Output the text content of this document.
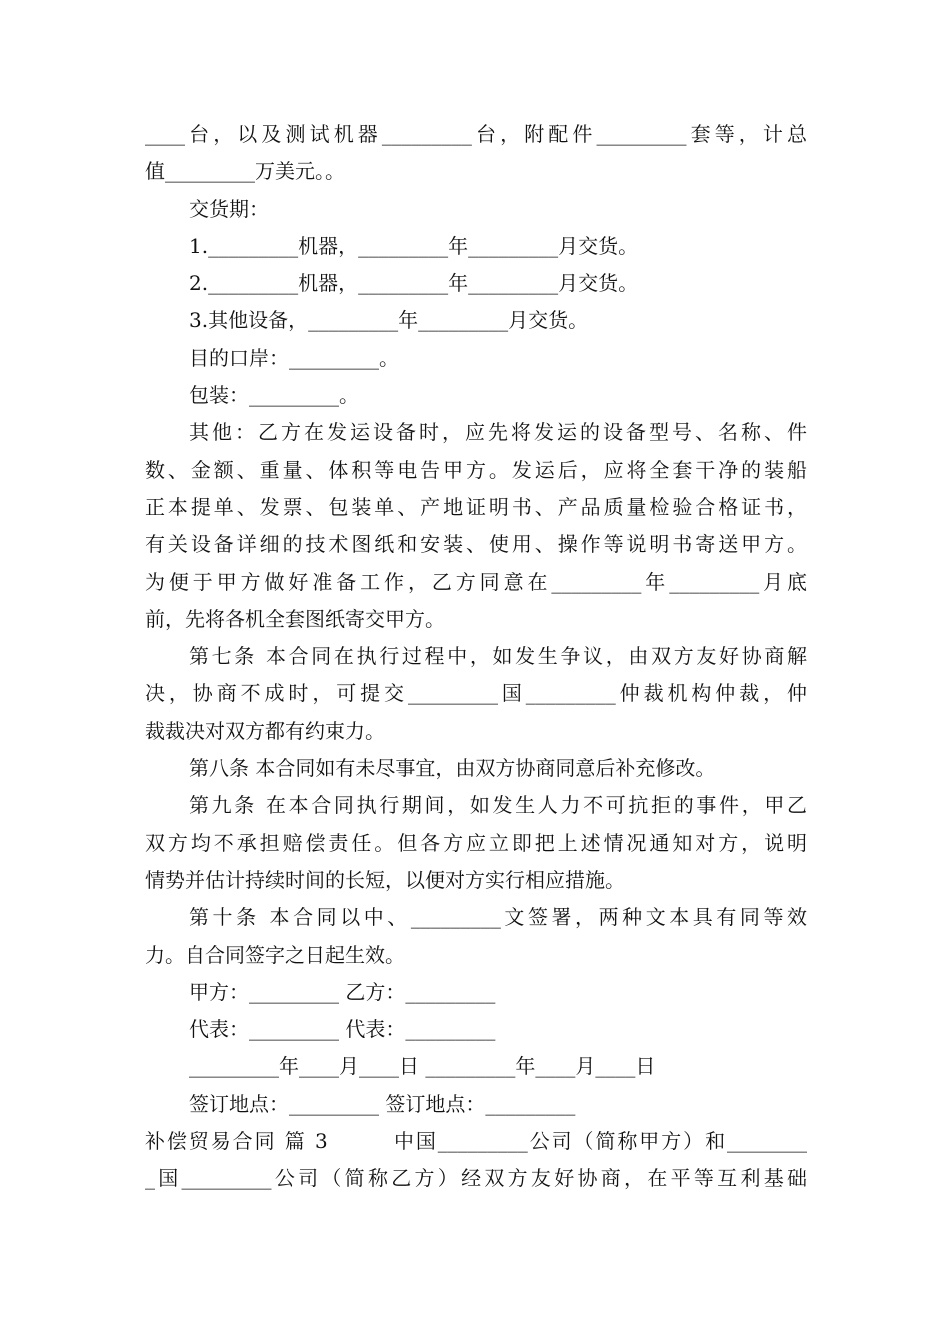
____台，以及测试机器_________台，附配件_________套等，计总
值_________万美元。。
交货期：
1._________机器，_________年_________月交货。
2._________机器，_________年_________月交货。
3.其他设备，_________年_________月交货。
目的口岸：_________。
包装：_________。
其他：乙方在发运设备时，应先将发运的设备型号、名称、件
数、金额、重量、体积等电告甲方。发运后，应将全套干净的装船
正本提单、发票、包装单、产地证明书、产品质量检验合格证书，
有关设备详细的技术图纸和安装、使用、操作等说明书寄送甲方。
为便于甲方做好准备工作，乙方同意在_________年_________月底
前，先将各机全套图纸寄交甲方。
第七条 本合同在执行过程中，如发生争议，由双方友好协商解
决，协商不成时，可提交_________国_________仲裁机构仲裁，仲
裁裁决对双方都有约束力。
第八条 本合同如有未尽事宜，由双方协商同意后补充修改。
第九条 在本合同执行期间，如发生人力不可抗拒的事件，甲乙
双方均不承担赔偿责任。但各方应立即把上述情况通知对方，说明
情势并估计持续时间的长短，以便对方实行相应措施。
第十条 本合同以中、_________文签署，两种文本具有同等效
力。自合同签字之日起生效。
甲方：_________ 乙方：_________
代表：_________ 代表：_________
_________年____月____日 _________年____月____日
签订地点：_________ 签订地点：_________
补偿贸易合同 篇 3        中国_________公司（简称甲方）和________
_国_________公司（简称乙方）经双方友好协商，在平等互利基础
